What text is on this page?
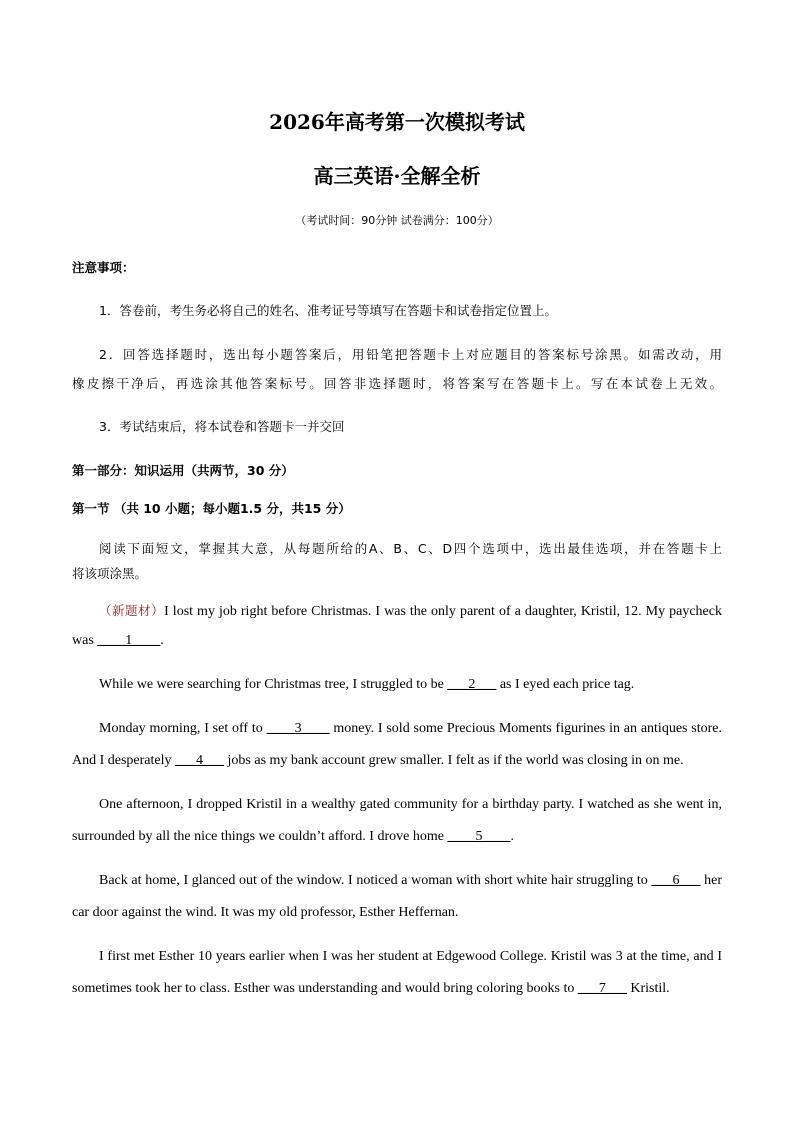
2026年高考第一次模拟考试
高三英语·全解全析
（考试时间：90分钟 试卷满分：100分）
注意事项：
1．答卷前，考生务必将自己的姓名、准考证号等填写在答题卡和试卷指定位置上。
2．回答选择题时，选出每小题答案后，用铅笔把答题卡上对应题目的答案标号涂黑。如需改动，用
橡皮擦干净后，再选涂其他答案标号。回答非选择题时，将答案写在答题卡上。写在本试卷上无效。
3．考试结束后，将本试卷和答题卡一并交回
第一部分：知识运用（共两节，30 分）
第一节 （共 10 小题；每小题1.5 分，共15 分）
阅读下面短文，掌握其大意，从每题所给的A、B、C、D四个选项中，选出最佳选项，并在答题卡上
将该项涂黑。
（新题材）I lost my job right before Christmas. I was the only parent of a daughter, Kristil, 12. My paycheck
was ____1____.
While we were searching for Christmas tree, I struggled to be ___2___ as I eyed each price tag.
Monday morning, I set off to ____3____ money. I sold some Precious Moments figurines in an antiques store.
And I desperately ___4___ jobs as my bank account grew smaller. I felt as if the world was closing in on me.
One afternoon, I dropped Kristil in a wealthy gated community for a birthday party. I watched as she went in,
surrounded by all the nice things we couldn’t afford. I drove home ____5____.
Back at home, I glanced out of the window. I noticed a woman with short white hair struggling to ___6___ her
car door against the wind. It was my old professor, Esther Heffernan.
I first met Esther 10 years earlier when I was her student at Edgewood College. Kristil was 3 at the time, and I
sometimes took her to class. Esther was understanding and would bring coloring books to ___7___ Kristil.
